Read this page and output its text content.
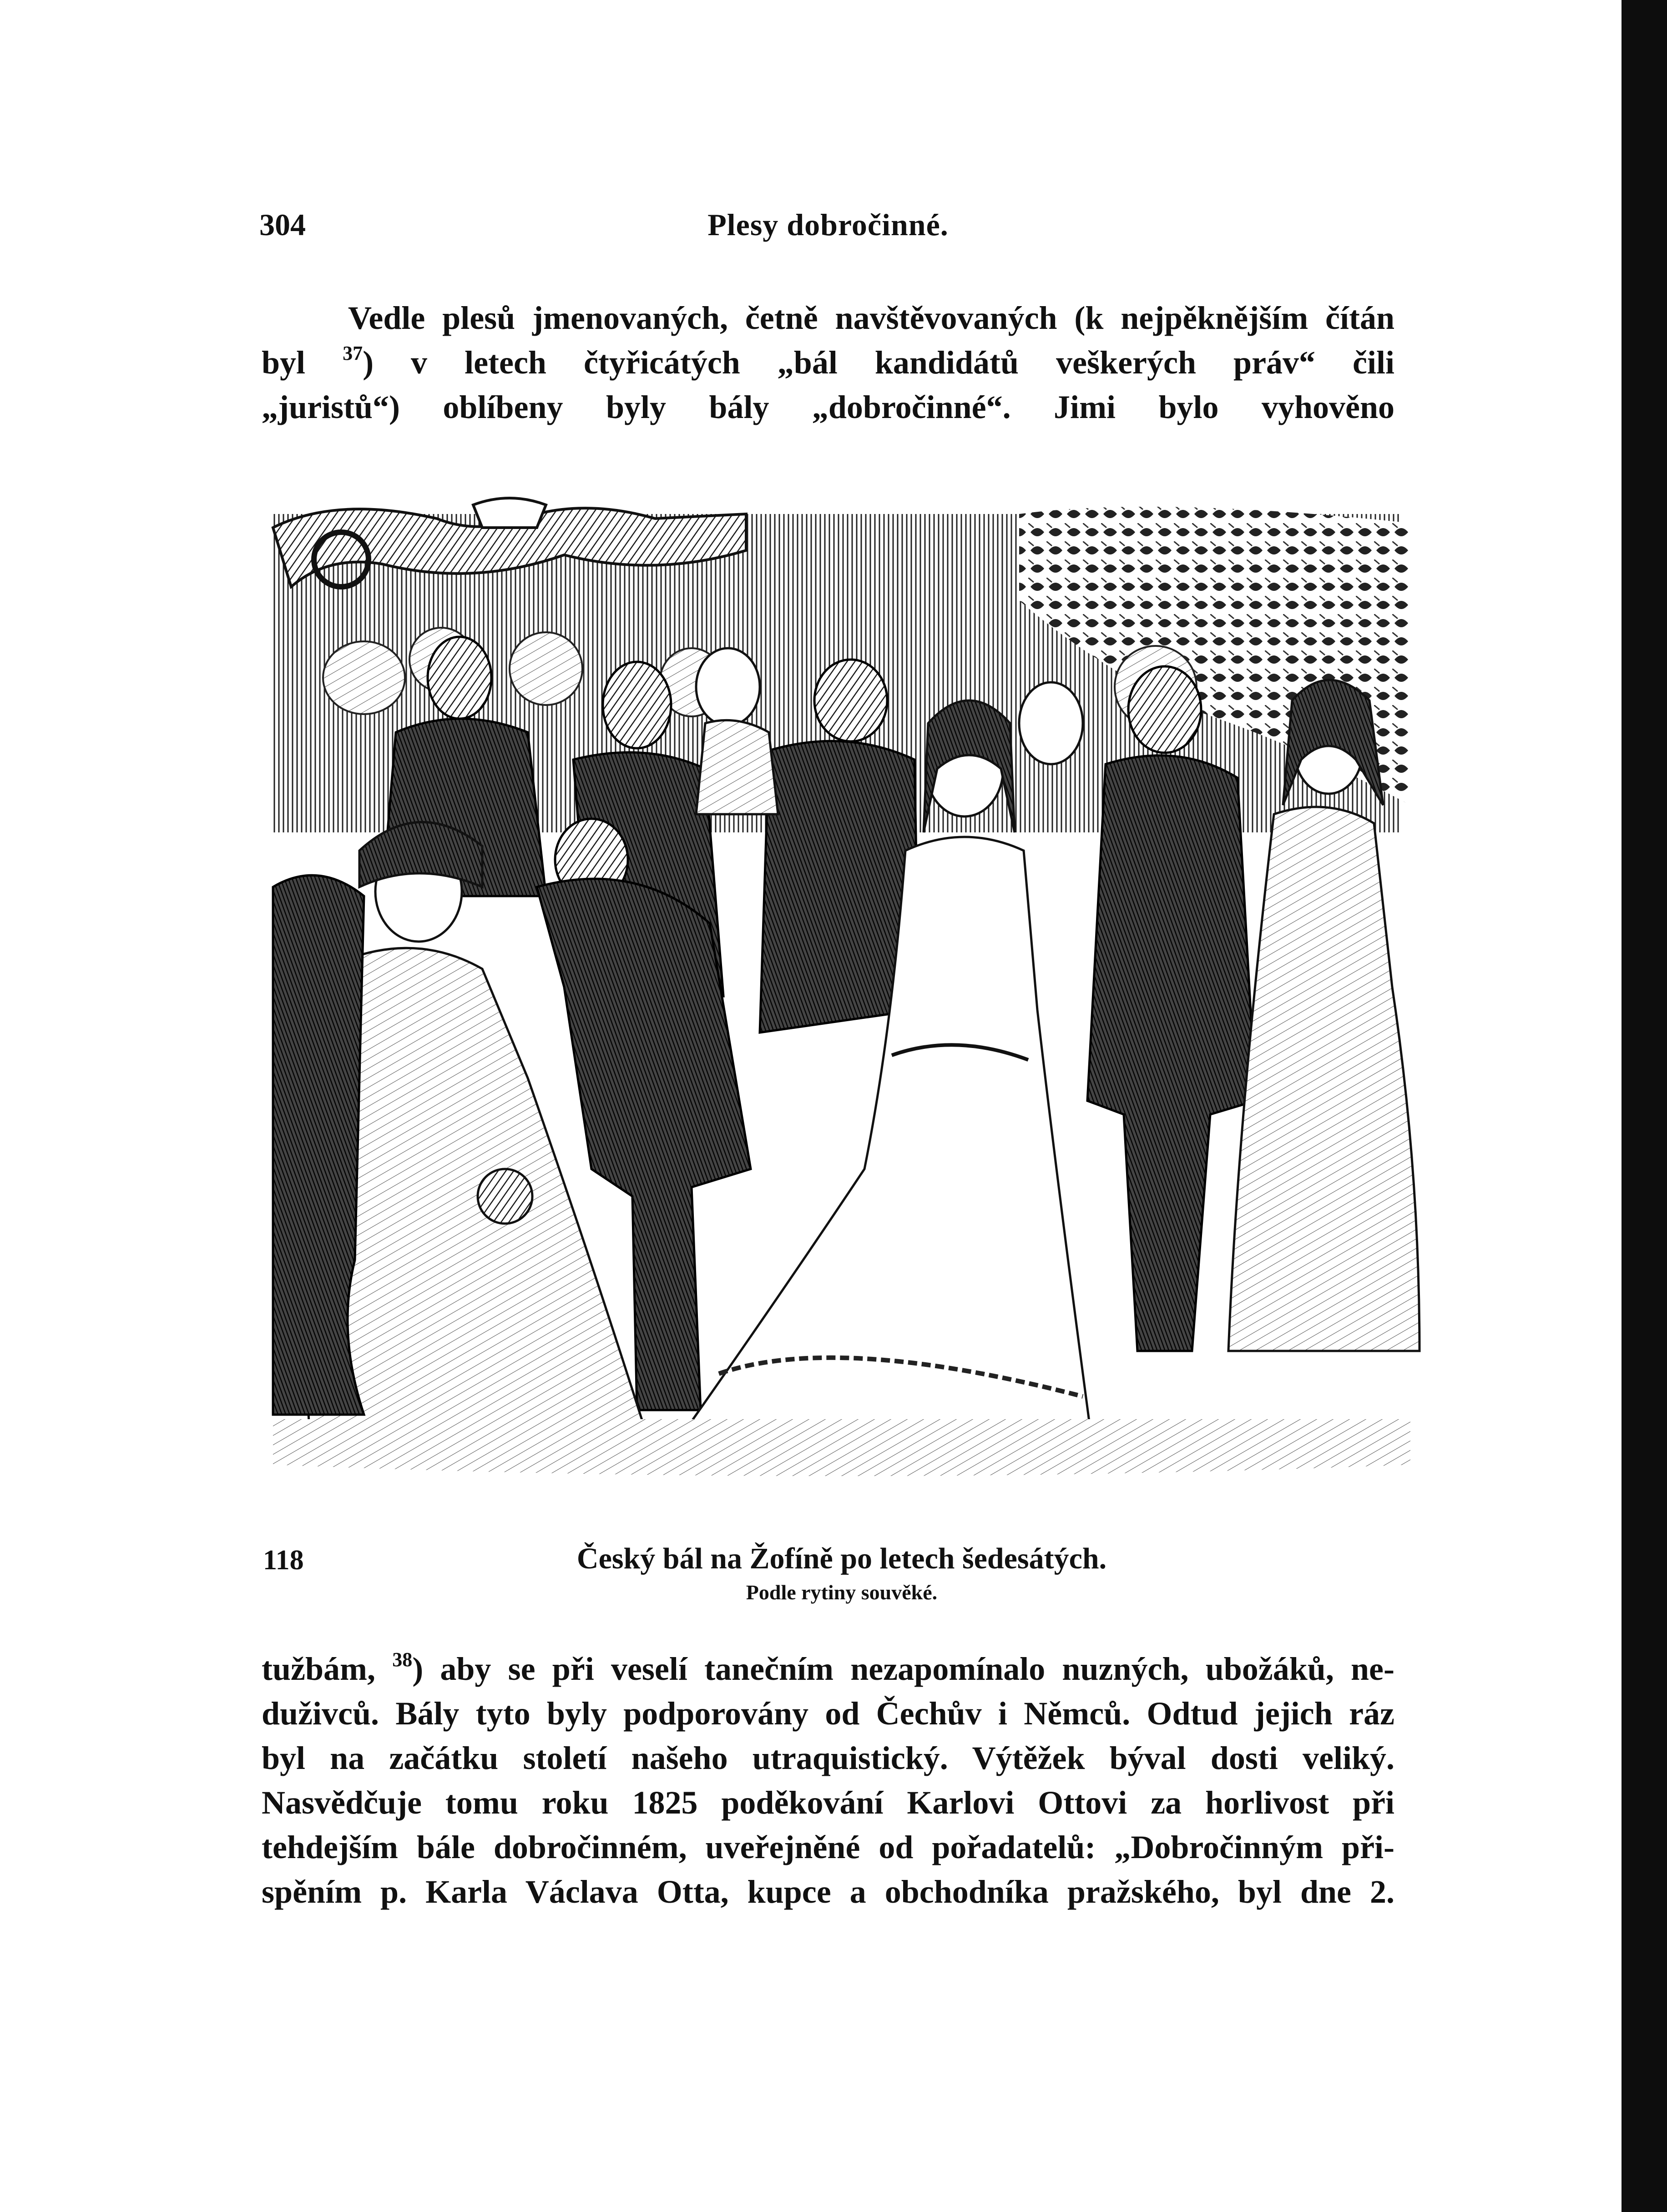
304	Plesy dobročinné.
Vedle plesů jmenovaných, četně navštěvovaných (k nejpěknějším čítán
byl $^{37}$) v letech čtyřicátých „bál kandidátů veškerých práv“ čili
„juristů“) oblíbeny byly bály „dobročinné“. Jimi bylo vyhověno
118	Český bál na Žofíně po letech šedesátých.
Podle rytiny souvěké.
tužbám, $^{38}$) aby se při veselí tanečním nezapomínalo nuzných, ubožáků, ne-
duživců. Bály tyto byly podporovány od Čechův i Němců. Odtud jejich ráz
byl na začátku století našeho utraquistický. Výtěžek býval dosti veliký.
Nasvědčuje tomu roku 1825 poděkování Karlovi Ottovi za horlivost při
tehdejším bále dobročinném, uveřejněné od pořadatelů: „Dobročinným při-
spěním p. Karla Václava Otta, kupce a obchodníka pražského, byl dne 2.
